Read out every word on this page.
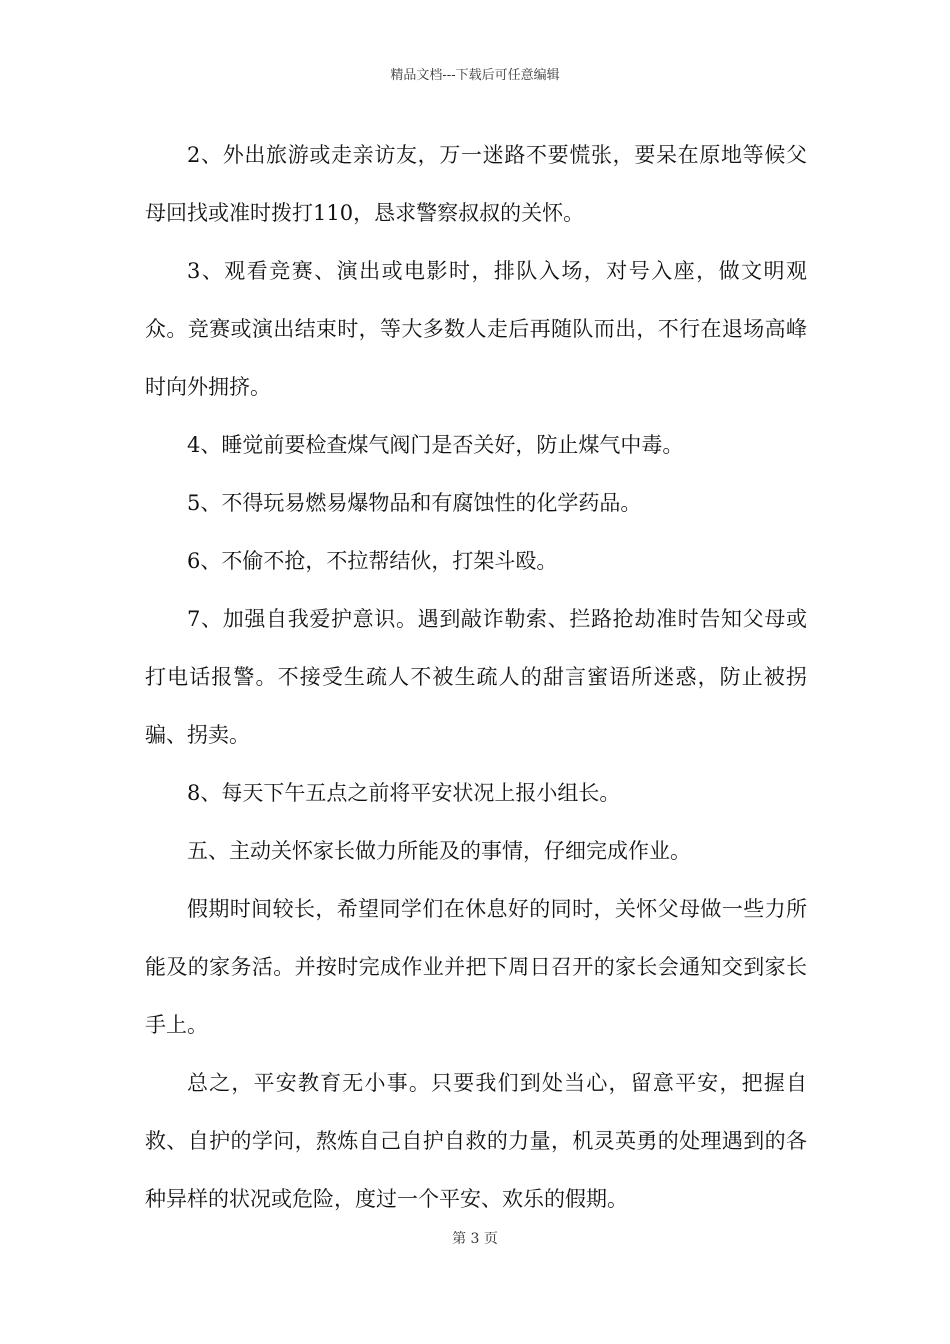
精品文档---下载后可任意编辑

2、外出旅游或走亲访友，万一迷路不要慌张，要呆在原地等候父母回找或准时拨打110，恳求警察叔叔的关怀。

3、观看竞赛、演出或电影时，排队入场，对号入座，做文明观众。竞赛或演出结束时，等大多数人走后再随队而出，不行在退场高峰时向外拥挤。

4、睡觉前要检查煤气阀门是否关好，防止煤气中毒。

5、不得玩易燃易爆物品和有腐蚀性的化学药品。

6、不偷不抢，不拉帮结伙，打架斗殴。

7、加强自我爱护意识。遇到敲诈勒索、拦路抢劫准时告知父母或打电话报警。不接受生疏人不被生疏人的甜言蜜语所迷惑，防止被拐骗、拐卖。

8、每天下午五点之前将平安状况上报小组长。

五、主动关怀家长做力所能及的事情，仔细完成作业。

假期时间较长，希望同学们在休息好的同时，关怀父母做一些力所能及的家务活。并按时完成作业并把下周日召开的家长会通知交到家长手上。

总之，平安教育无小事。只要我们到处当心，留意平安，把握自救、自护的学问，熬炼自己自护自救的力量，机灵英勇的处理遇到的各种异样的状况或危险，度过一个平安、欢乐的假期。

第 3 页
